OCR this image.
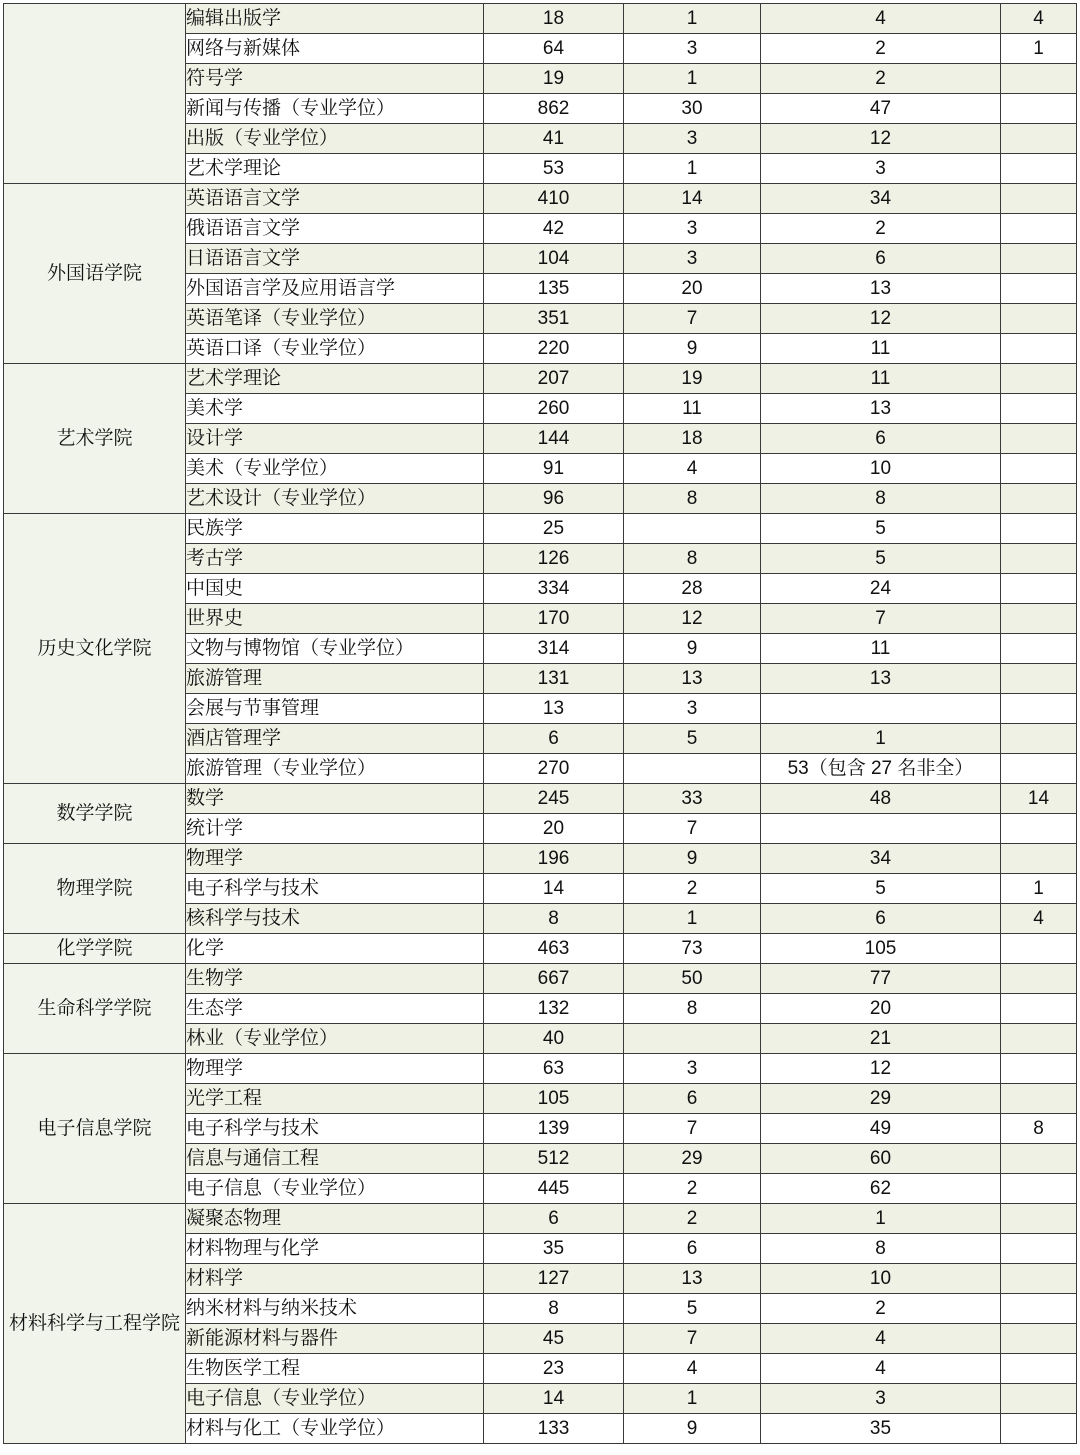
	编辑出版学	18	1	4	4
	网络与新媒体	64	3	2	1
	符号学	19	1	2	
	新闻与传播（专业学位）	862	30	47	
	出版（专业学位）	41	3	12	
	艺术学理论	53	1	3	
外国语学院	英语语言文学	410	14	34	
	俄语语言文学	42	3	2	
	日语语言文学	104	3	6	
	外国语言学及应用语言学	135	20	13	
	英语笔译（专业学位）	351	7	12	
	英语口译（专业学位）	220	9	11	
艺术学院	艺术学理论	207	19	11	
	美术学	260	11	13	
	设计学	144	18	6	
	美术（专业学位）	91	4	10	
	艺术设计（专业学位）	96	8	8	
历史文化学院	民族学	25		5	
	考古学	126	8	5	
	中国史	334	28	24	
	世界史	170	12	7	
	文物与博物馆（专业学位）	314	9	11	
	旅游管理	131	13	13	
	会展与节事管理	13	3		
	酒店管理学	6	5	1	
	旅游管理（专业学位）	270		53（包含 27 名非全）	
数学学院	数学	245	33	48	14
	统计学	20	7		
物理学院	物理学	196	9	34	
	电子科学与技术	14	2	5	1
	核科学与技术	8	1	6	4
化学学院	化学	463	73	105	
生命科学学院	生物学	667	50	77	
	生态学	132	8	20	
	林业（专业学位）	40		21	
电子信息学院	物理学	63	3	12	
	光学工程	105	6	29	
	电子科学与技术	139	7	49	8
	信息与通信工程	512	29	60	
	电子信息（专业学位）	445	2	62	
材料科学与工程学院	凝聚态物理	6	2	1	
	材料物理与化学	35	6	8	
	材料学	127	13	10	
	纳米材料与纳米技术	8	5	2	
	新能源材料与器件	45	7	4	
	生物医学工程	23	4	4	
	电子信息（专业学位）	14	1	3	
	材料与化工（专业学位）	133	9	35	
